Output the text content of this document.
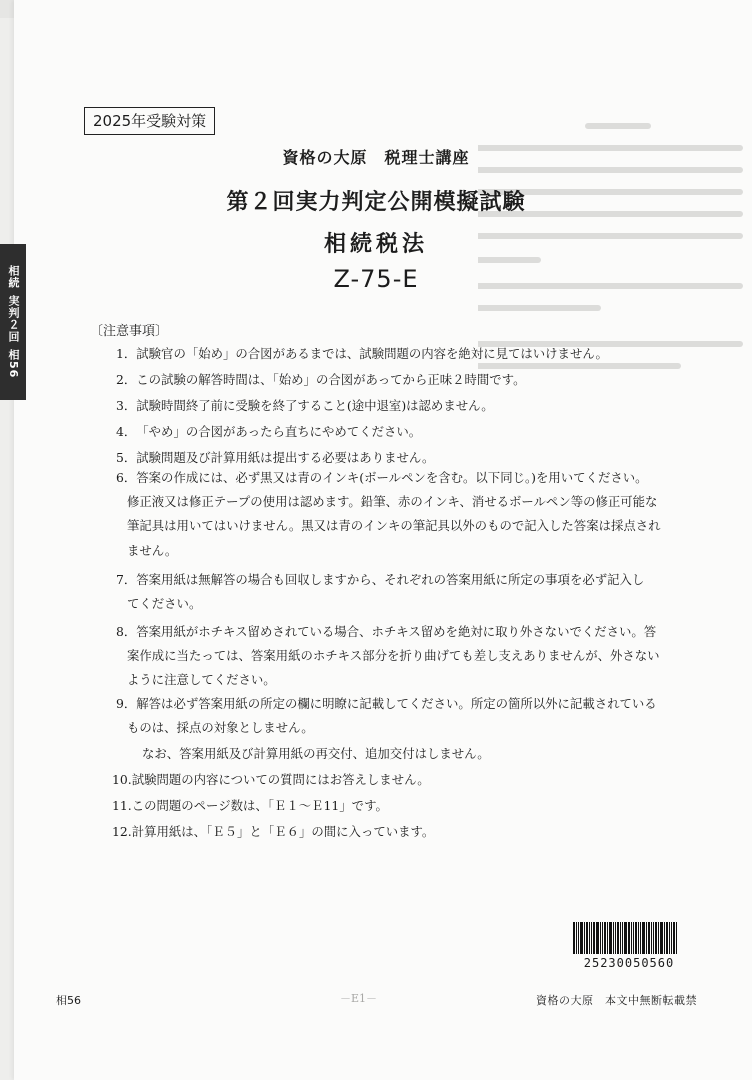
相続
実判２回
相56
2025年受験対策
資格の大原　税理士講座
第２回実力判定公開模擬試験
相続税法
Z-75-E
〔注意事項〕
1．試験官の「始め」の合図があるまでは、試験問題の内容を絶対に見てはいけません。
2．この試験の解答時間は、「始め」の合図があってから正味２時間です。
3．試験時間終了前に受験を終了すること(途中退室)は認めません。
4．「やめ」の合図があったら直ちにやめてください。
5．試験問題及び計算用紙は提出する必要はありません。
6．答案の作成には、必ず黒又は青のインキ(ボールペンを含む。以下同じ。)を用いてください。
修正液又は修正テープの使用は認めます。鉛筆、赤のインキ、消せるボールペン等の修正可能な
筆記具は用いてはいけません。黒又は青のインキの筆記具以外のもので記入した答案は採点され
ません。
7．答案用紙は無解答の場合も回収しますから、それぞれの答案用紙に所定の事項を必ず記入し
てください。
8．答案用紙がホチキス留めされている場合、ホチキス留めを絶対に取り外さないでください。答
案作成に当たっては、答案用紙のホチキス部分を折り曲げても差し支えありませんが、外さない
ように注意してください。
9．解答は必ず答案用紙の所定の欄に明瞭に記載してください。所定の箇所以外に記載されている
ものは、採点の対象としません。
なお、答案用紙及び計算用紙の再交付、追加交付はしません。
10.試験問題の内容についての質問にはお答えしません。
11.この問題のページ数は、「Ｅ１～Ｅ11」です。
12.計算用紙は、「Ｅ５」と「Ｅ６」の間に入っています。
25230050560
相56	－E1－	資格の大原　本文中無断転載禁
